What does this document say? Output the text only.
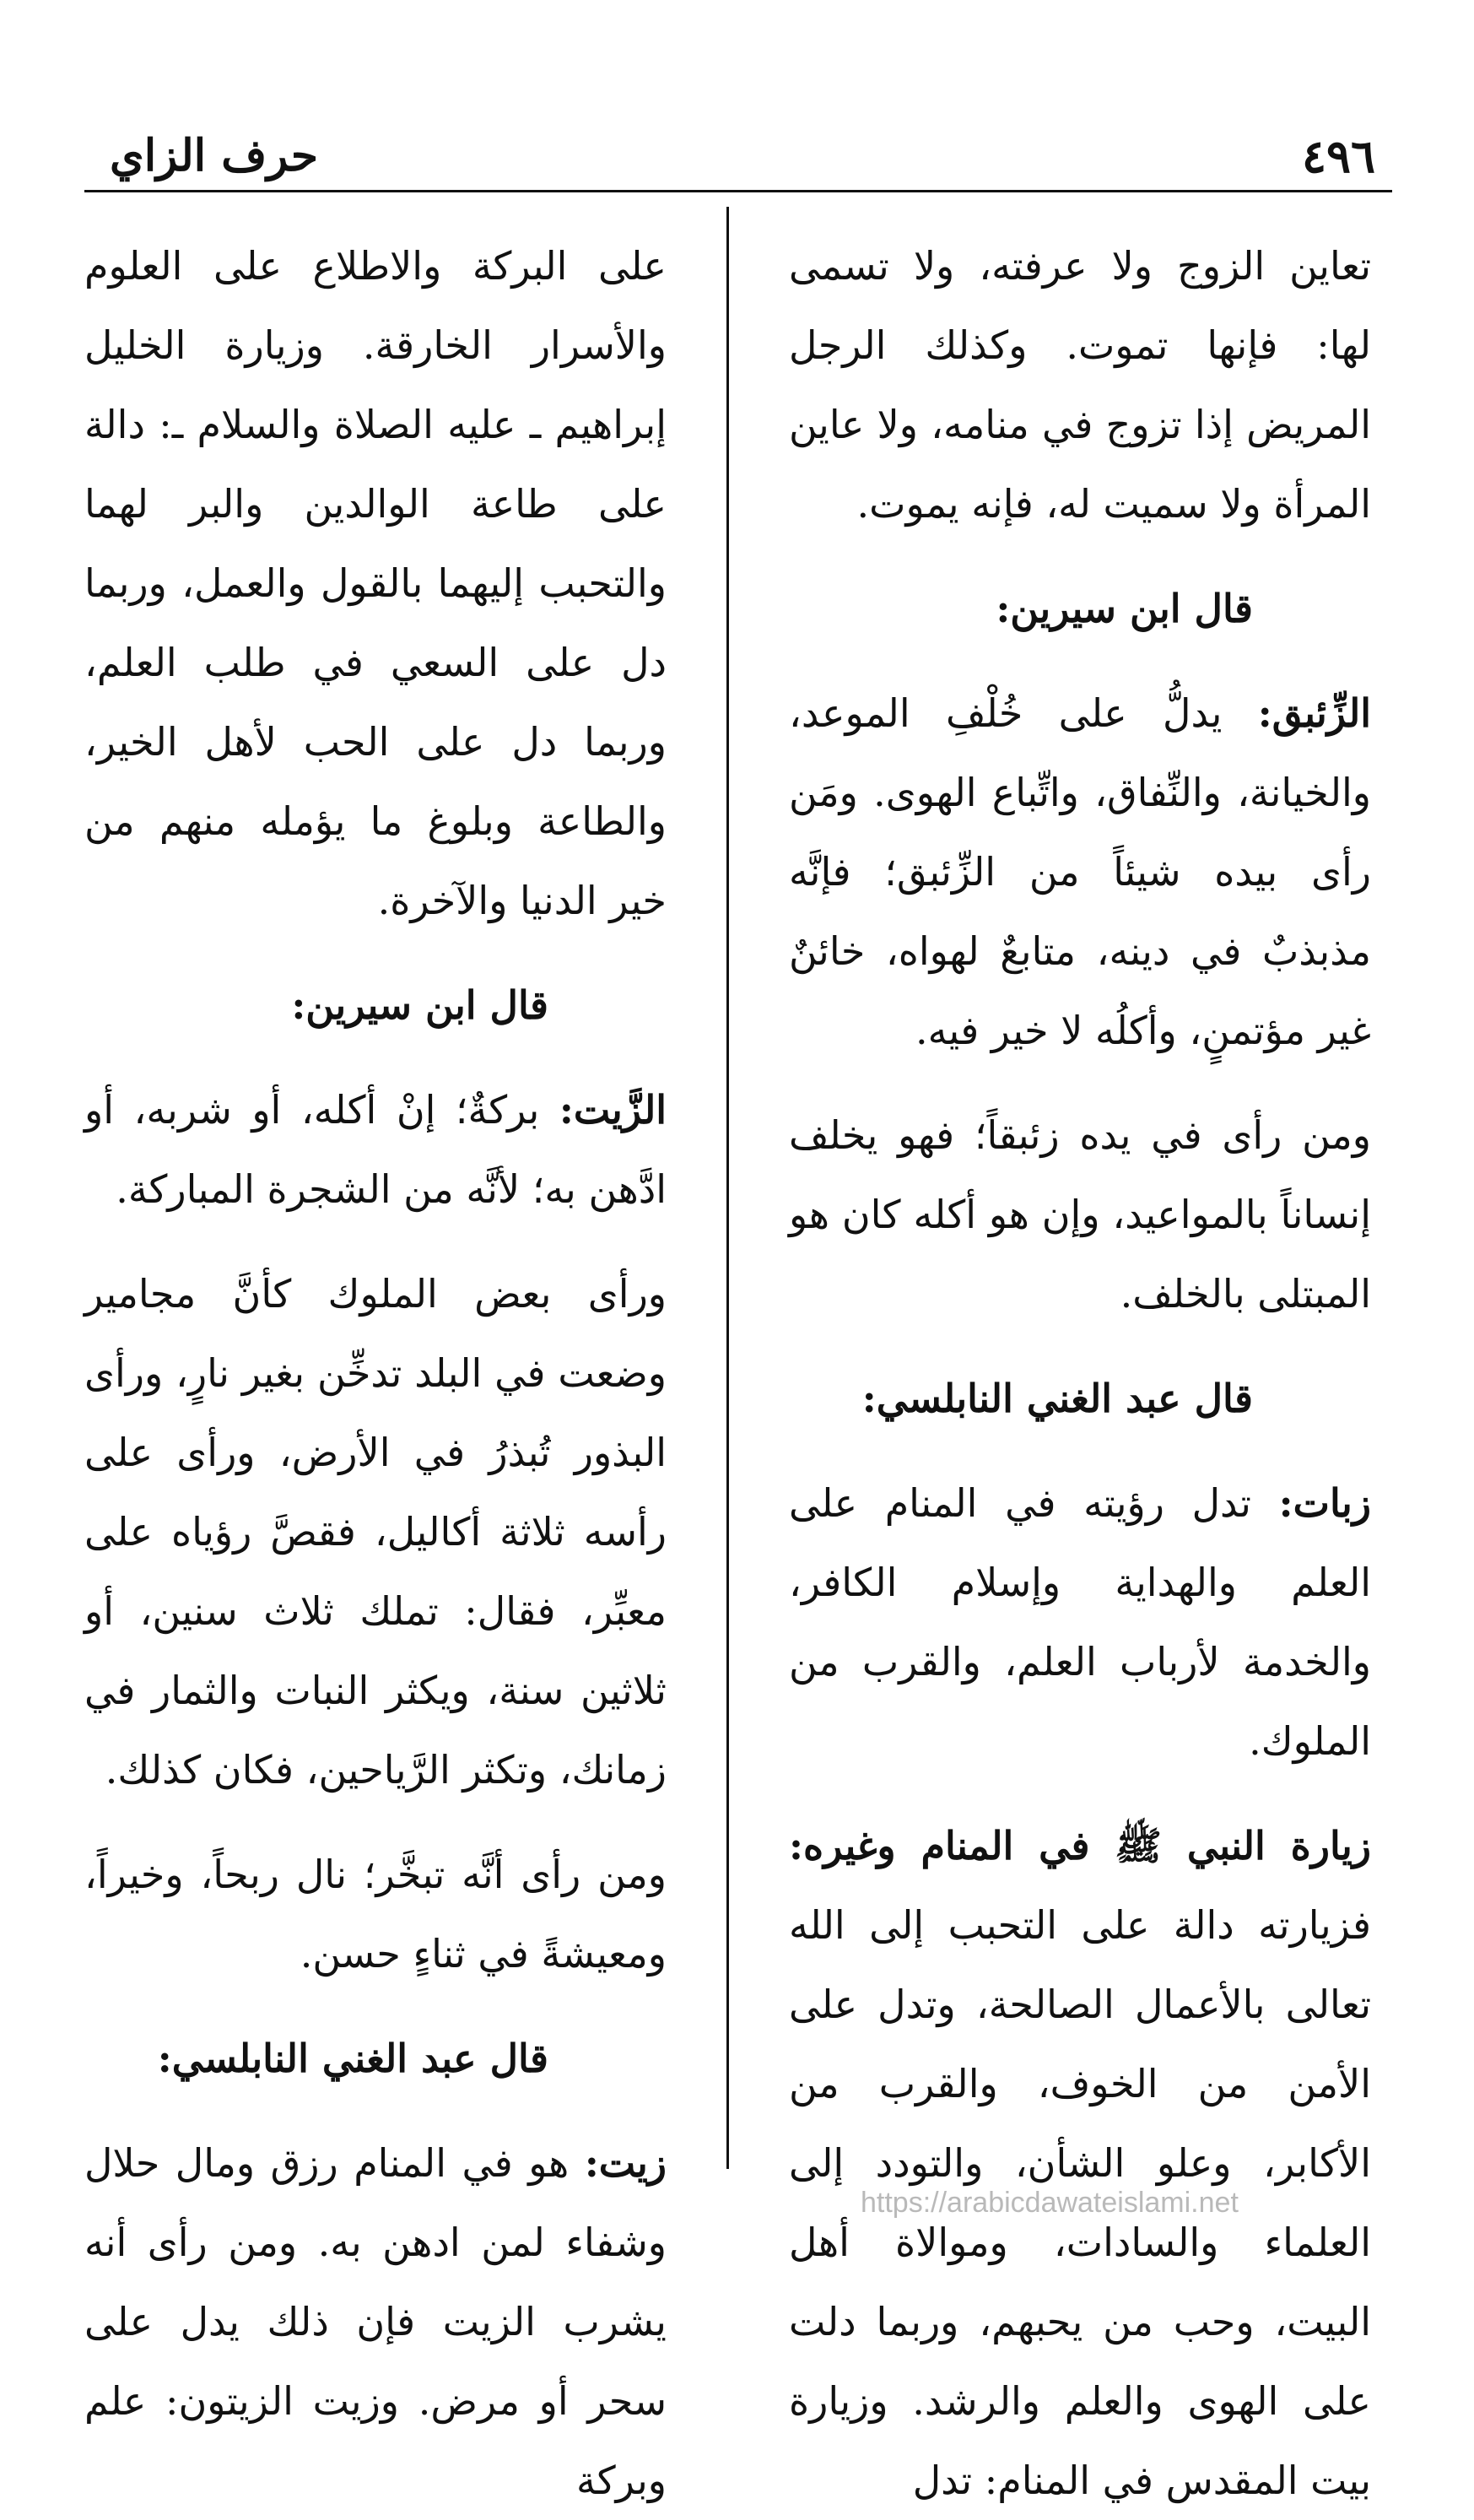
٤٩٦
حرف الزاي

تعاين الزوج ولا عرفته، ولا تسمى لها: فإنها تموت. وكذلك الرجل المريض إذا تزوج في منامه، ولا عاين المرأة ولا سميت له، فإنه يموت.

قال ابن سيرين:

الزِّئبق: يدلُّ على خُلْفِ الموعد، والخيانة، والنِّفاق، واتِّباع الهوى. ومَن رأى بيده شيئاً من الزِّئبق؛ فإنَّه مذبذبٌ في دينه، متابعٌ لهواه، خائنٌ غير مؤتمنٍ، وأكلُه لا خير فيه.

ومن رأى في يده زئبقاً؛ فهو يخلف إنساناً بالمواعيد، وإن هو أكله كان هو المبتلى بالخلف.

قال عبد الغني النابلسي:

زبات: تدل رؤيته في المنام على العلم والهداية وإسلام الكافر، والخدمة لأرباب العلم، والقرب من الملوك.

زيارة النبي ﷺ في المنام وغيره: فزيارته دالة على التحبب إلى الله تعالى بالأعمال الصالحة، وتدل على الأمن من الخوف، والقرب من الأكابر، وعلو الشأن، والتودد إلى العلماء والسادات، وموالاة أهل البيت، وحب من يحبهم، وربما دلت على الهوى والعلم والرشد. وزيارة بيت المقدس في المنام: تدل

على البركة والاطلاع على العلوم والأسرار الخارقة. وزيارة الخليل إبراهيم ـ عليه الصلاة والسلام ـ: دالة على طاعة الوالدين والبر لهما والتحبب إليهما بالقول والعمل، وربما دل على السعي في طلب العلم، وربما دل على الحب لأهل الخير، والطاعة وبلوغ ما يؤمله منهم من خير الدنيا والآخرة.

قال ابن سيرين:

الزَّيت: بركةٌ؛ إنْ أكله، أو شربه، أو ادَّهن به؛ لأنَّه من الشجرة المباركة.

ورأى بعض الملوك كأنَّ مجامير وضعت في البلد تدخِّن بغير نارٍ، ورأى البذور تُبذرُ في الأرض، ورأى على رأسه ثلاثة أكاليل، فقصَّ رؤياه على معبِّر، فقال: تملك ثلاث سنين، أو ثلاثين سنة، ويكثر النبات والثمار في زمانك، وتكثر الرَّياحين، فكان كذلك.

ومن رأى أنَّه تبخَّر؛ نال ربحاً، وخيراً، ومعيشةً في ثناءٍ حسن.

قال عبد الغني النابلسي:

زيت: هو في المنام رزق ومال حلال وشفاء لمن ادهن به. ومن رأى أنه يشرب الزيت فإن ذلك يدل على سحر أو مرض. وزيت الزيتون: علم وبركة

https://arabicdawateislami.net
